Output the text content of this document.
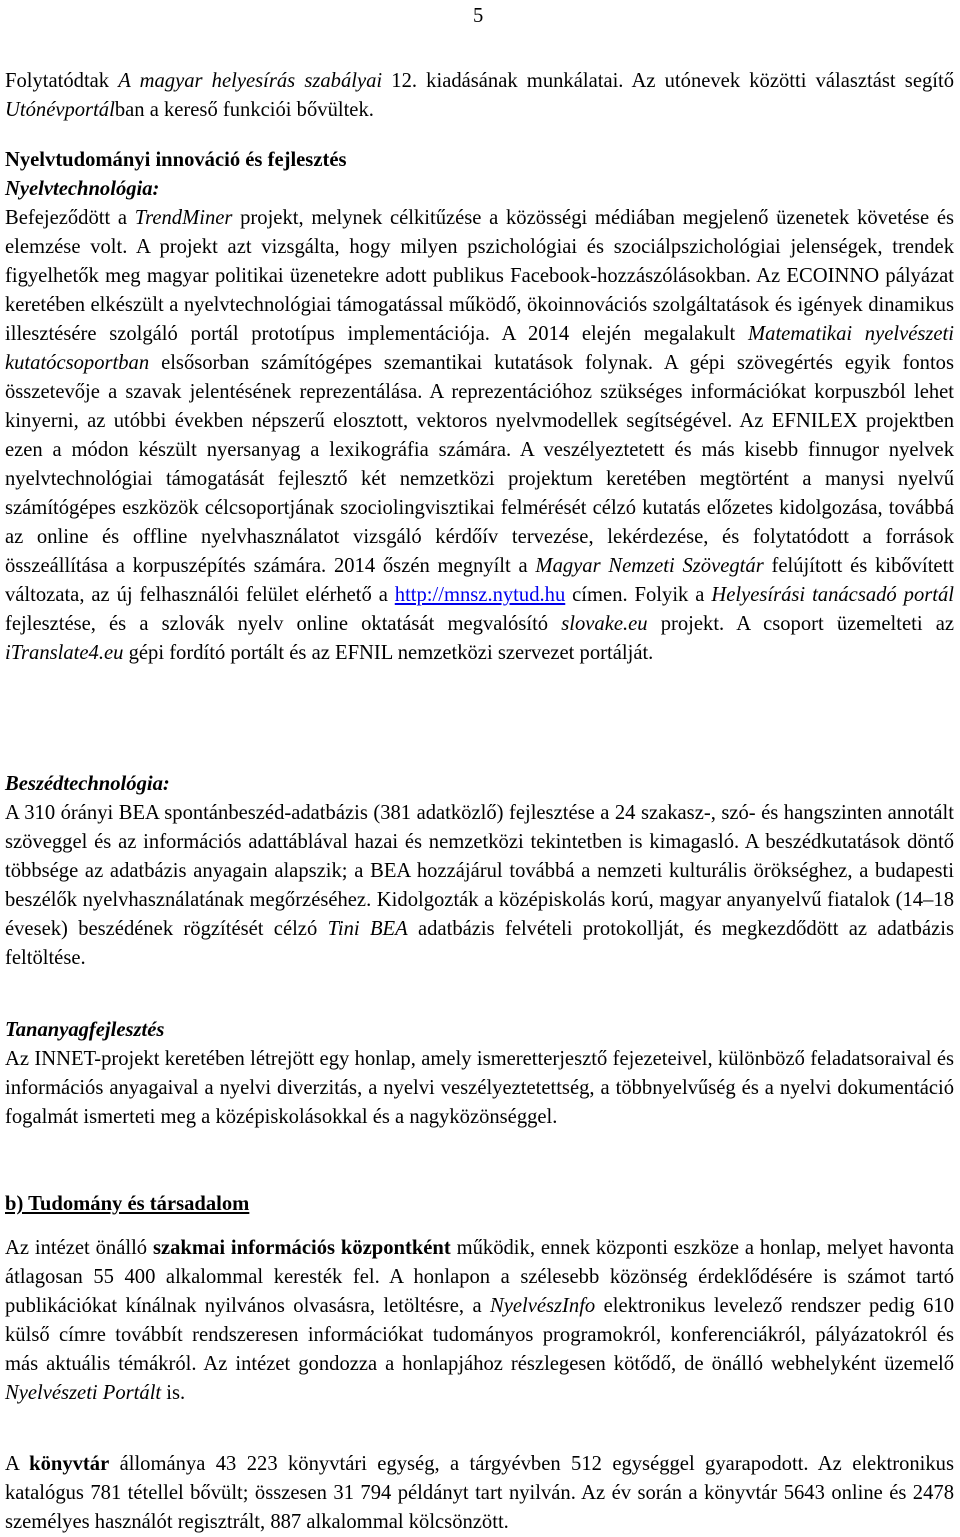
5

Folytatódtak A magyar helyesírás szabályai 12. kiadásának munkálatai. Az utónevek közötti választást segítő Utónévportálban a kereső funkciói bővültek.

Nyelvtudományi innováció és fejlesztés
Nyelvtechnológia:

Befejeződött a TrendMiner projekt, melynek célkitűzése a közösségi médiában megjelenő üzenetek követése és elemzése volt. A projekt azt vizsgálta, hogy milyen pszichológiai és szociálpszichológiai jelenségek, trendek figyelhetők meg magyar politikai üzenetekre adott publikus Facebook-hozzászólásokban. Az ECOINNO pályázat keretében elkészült a nyelvtechnológiai támogatással működő, ökoinnovációs szolgáltatások és igények dinamikus illesztésére szolgáló portál prototípus implementációja. A 2014 elején megalakult Matematikai nyelvészeti kutatócsoportban elsősorban számítógépes szemantikai kutatások folynak. A gépi szövegértés egyik fontos összetevője a szavak jelentésének reprezentálása. A reprezentációhoz szükséges információkat korpuszból lehet kinyerni, az utóbbi években népszerű elosztott, vektoros nyelvmodellek segítségével. Az EFNILEX projektben ezen a módon készült nyersanyag a lexikográfia számára. A veszélyeztetett és más kisebb finnugor nyelvek nyelvtechnológiai támogatását fejlesztő két nemzetközi projektum keretében megtörtént a manysi nyelvű számítógépes eszközök célcsoportjának szociolingvisztikai felmérését célzó kutatás előzetes kidolgozása, továbbá az online és offline nyelvhasználatot vizsgáló kérdőív tervezése, lekérdezése, és folytatódott a források összeállítása a korpuszépítés számára. 2014 őszén megnyílt a Magyar Nemzeti Szövegtár felújított és kibővített változata, az új felhasználói felület elérhető a http://mnsz.nytud.hu címen. Folyik a Helyesírási tanácsadó portál fejlesztése, és a szlovák nyelv online oktatását megvalósító slovake.eu projekt. A csoport üzemelteti az iTranslate4.eu gépi fordító portált és az EFNIL nemzetközi szervezet portálját.

Beszédtechnológia:

A 310 órányi BEA spontánbeszéd-adatbázis (381 adatközlő) fejlesztése a 24 szakasz-, szó- és hangszinten annotált szöveggel és az információs adattáblával hazai és nemzetközi tekintetben is kimagasló. A beszédkutatások döntő többsége az adatbázis anyagain alapszik; a BEA hozzájárul továbbá a nemzeti kulturális örökséghez, a budapesti beszélők nyelvhasználatának megőrzéséhez. Kidolgozták a középiskolás korú, magyar anyanyelvű fiatalok (14–18 évesek) beszédének rögzítését célzó Tini BEA adatbázis felvételi protokollját, és megkezdődött az adatbázis feltöltése.

Tananyagfejlesztés

Az INNET-projekt keretében létrejött egy honlap, amely ismeretterjesztő fejezeteivel, különböző feladatsoraival és információs anyagaival a nyelvi diverzitás, a nyelvi veszélyeztetettség, a többnyelvűség és a nyelvi dokumentáció fogalmát ismerteti meg a középiskolásokkal és a nagyközönséggel.

b) Tudomány és társadalom

Az intézet önálló szakmai információs központként működik, ennek központi eszköze a honlap, melyet havonta átlagosan 55 400 alkalommal keresték fel. A honlapon a szélesebb közönség érdeklődésére is számot tartó publikációkat kínálnak nyilvános olvasásra, letöltésre, a NyelvészInfo elektronikus levelező rendszer pedig 610 külső címre továbbít rendszeresen információkat tudományos programokról, konferenciákról, pályázatokról és más aktuális témákról. Az intézet gondozza a honlapjához részlegesen kötődő, de önálló webhelyként üzemelő Nyelvészeti Portált is.

A könyvtár állománya 43 223 könyvtári egység, a tárgyévben 512 egységgel gyarapodott. Az elektronikus katalógus 781 tétellel bővült; összesen 31 794 példányt tart nyilván. Az év során a könyvtár 5643 online és 2478 személyes használót regisztrált, 887 alkalommal kölcsönzött.
